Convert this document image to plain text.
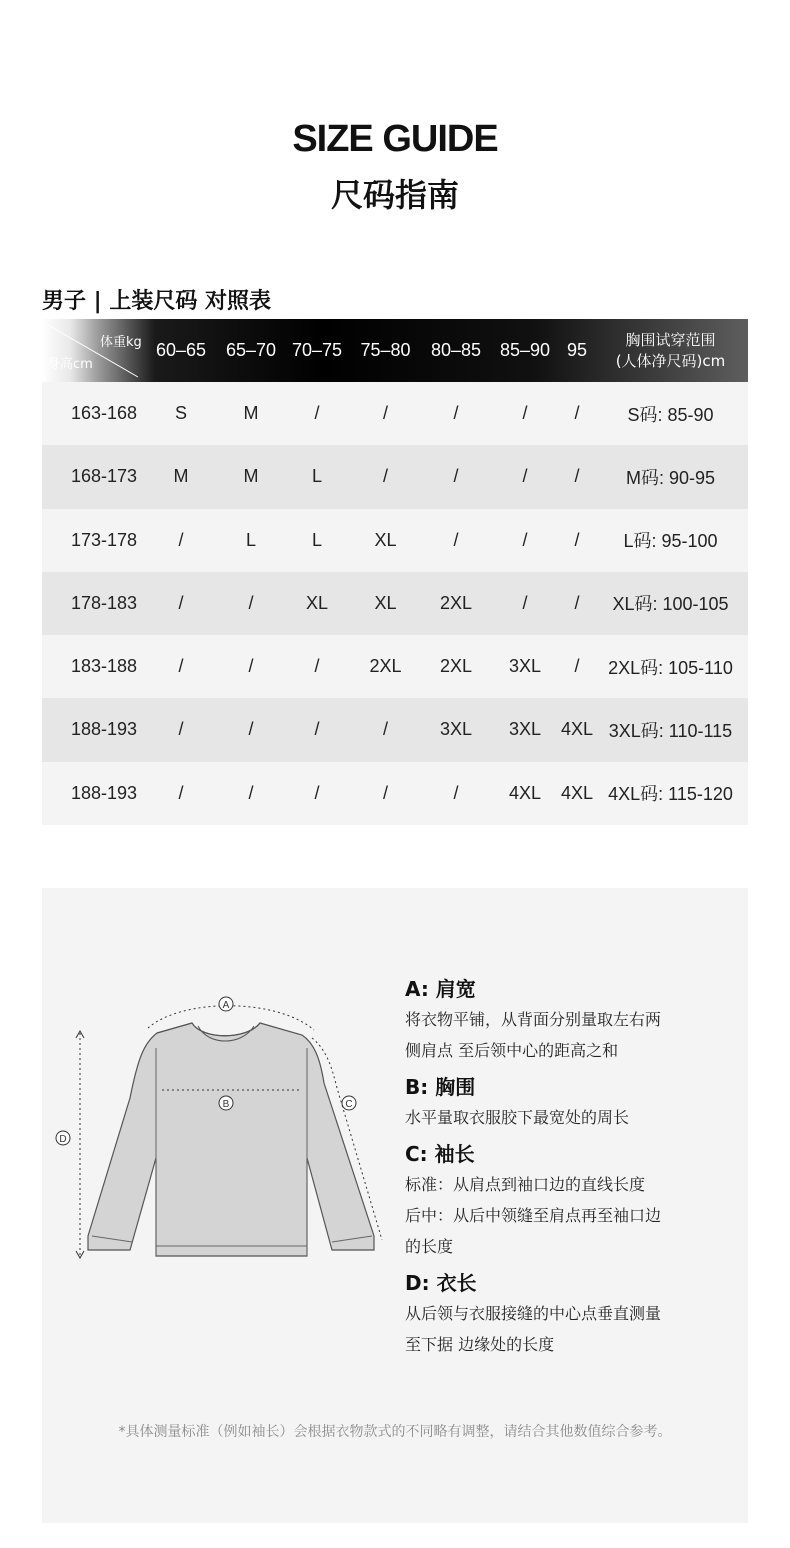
SIZE GUIDE
尺码指南
男子 | 上装尺码 对照表
体重kg
身高cm
60–65	65–70 70–75	75–80	80–85	85–90 95
胸围试穿范围
(人体净尺码)cm
163-168	S	M	/	/	/	/	/	S码: 85-90
168-173	M	M	L	/	/	/	/	M码: 90-95
173-178	/	L	L	XL	/	/	/	L码: 95-100
178-183	/	/	XL	XL	2XL	/	/	XL码: 100-105
183-188	/	/	/	2XL	2XL	3XL	/	2XL码: 105-110
188-193	/	/	/	/	3XL	3XL	4XL 3XL码: 110-115
188-193	/	/	/	/	/	4XL	4XL 4XL码: 115-120
A
B	C
D
A: 肩宽
将衣物平铺，从背面分别量取左右两
侧肩点 至后领中心的距高之和
B: 胸围
水平量取衣服胶下最宽处的周长
C: 袖长
标准：从肩点到袖口边的直线长度
后中：从后中领缝至肩点再至袖口边
的长度
D: 衣长
从后领与衣服接缝的中心点垂直测量
至下据 边缘处的长度
*具体测量标准（例如袖长）会根据衣物款式的不同略有调整，请结合其他数值综合参考。
